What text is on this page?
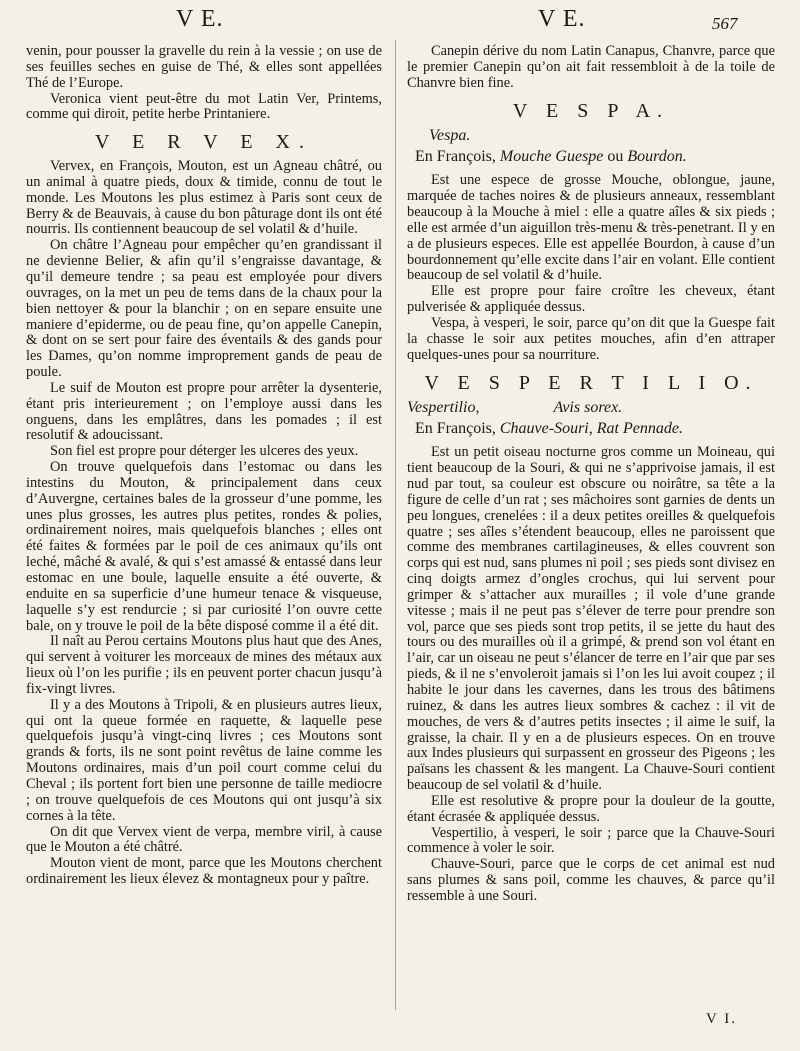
V E.	V E.	567

venin, pour pousser la gravelle du rein à la vessie ; on use de ses feuilles seches en guise de Thé, & elles sont appellées Thé de l’Europe.

Veronica vient peut-être du mot Latin Ver, Printems, comme qui diroit, petite herbe Printaniere.

V E R V E X.

Vervex, en François, Mouton, est un Agneau châtré, ou un animal à quatre pieds, doux & timide, connu de tout le monde. Les Moutons les plus estimez à Paris sont ceux de Berry & de Beauvais, à cause du bon pâturage dont ils ont été nourris. Ils contiennent beaucoup de sel volatil & d’huile.

On châtre l’Agneau pour empêcher qu’en grandissant il ne devienne Belier, & afin qu’il s’engraisse davantage, & qu’il demeure tendre ; sa peau est employée pour divers ouvrages, on la met un peu de tems dans de la chaux pour la bien nettoyer & pour la blanchir ; on en separe ensuite une maniere d’epiderme, ou de peau fine, qu’on appelle Canepin, & dont on se sert pour faire des éventails & des gands pour les Dames, qu’on nomme improprement gands de peau de poule.

Le suif de Mouton est propre pour arrêter la dysenterie, étant pris interieurement ; on l’employe aussi dans les onguens, dans les emplâtres, dans les pomades ; il est resolutif & adoucissant.

Son fiel est propre pour déterger les ulceres des yeux.

On trouve quelquefois dans l’estomac ou dans les intestins du Mouton, & principalement dans ceux d’Auvergne, certaines bales de la grosseur d’une pomme, les unes plus grosses, les autres plus petites, rondes & polies, ordinairement noires, mais quelquefois blanches ; elles ont été faites & formées par le poil de ces animaux qu’ils ont leché, mâché & avalé, & qui s’est amassé & entassé dans leur estomac en une boule, laquelle ensuite a été ouverte, & enduite en sa superficie d’une humeur tenace & visqueuse, laquelle s’y est rendurcie ; si par curiosité l’on ouvre cette bale, on y trouve le poil de la bête disposé comme il a été dit.

Il naît au Perou certains Moutons plus haut que des Anes, qui servent à voiturer les morceaux de mines des métaux aux lieux où l’on les purifie ; ils en peuvent porter chacun jusqu’à fix-vingt livres.

Il y a des Moutons à Tripoli, & en plusieurs autres lieux, qui ont la queue formée en raquette, & laquelle pese quelquefois jusqu’à vingt-cinq livres ; ces Moutons sont grands & forts, ils ne sont point revêtus de laine comme les Moutons ordinaires, mais d’un poil court comme celui du Cheval ; ils portent fort bien une personne de taille mediocre ; on trouve quelquefois de ces Moutons qui ont jusqu’à six cornes à la tête.

On dit que Vervex vient de verpa, membre viril, à cause que le Mouton a été châtré.

Mouton vient de mont, parce que les Moutons cherchent ordinairement les lieux élevez & montagneux pour y paître.

Canepin dérive du nom Latin Canapus, Chanvre, parce que le premier Canepin qu’on ait fait ressembloit à de la toile de Chanvre bien fine.

V E S P A.
Vespa.
En François, Mouche Guespe ou Bourdon.

Est une espece de grosse Mouche, oblongue, jaune, marquée de taches noires & de plusieurs anneaux, ressemblant beaucoup à la Mouche à miel : elle a quatre aîles & six pieds ; elle est armée d’un aiguillon très-menu & très-penetrant. Il y en a de plusieurs especes. Elle est appellée Bourdon, à cause d’un bourdonnement qu’elle excite dans l’air en volant. Elle contient beaucoup de sel volatil & d’huile.

Elle est propre pour faire croître les cheveux, étant pulverisée & appliquée dessus.

Vespa, à vesperi, le soir, parce qu’on dit que la Guespe fait la chasse le soir aux petites mouches, afin d’en attraper quelques-unes pour sa nourriture.

V E S P E R T I L I O.
Vespertilio,	Avis sorex.
En François, Chauve-Souri, Rat Pennade.

Est un petit oiseau nocturne gros comme un Moineau, qui tient beaucoup de la Souri, & qui ne s’apprivoise jamais, il est nud par tout, sa couleur est obscure ou noirâtre, sa tête a la figure de celle d’un rat ; ses mâchoires sont garnies de dents un peu longues, crenelées : il a deux petites oreilles & quelquefois quatre ; ses aîles s’étendent beaucoup, elles ne paroissent que comme des membranes cartilagineuses, & elles couvrent son corps qui est nud, sans plumes ni poil ; ses pieds sont divisez en cinq doigts armez d’ongles crochus, qui lui servent pour grimper & s’attacher aux murailles ; il vole d’une grande vitesse ; mais il ne peut pas s’élever de terre pour prendre son vol, parce que ses pieds sont trop petits, il se jette du haut des tours ou des murailles où il a grimpé, & prend son vol étant en l’air, car un oiseau ne peut s’élancer de terre en l’air que par ses pieds, & il ne s’envoleroit jamais si l’on les lui avoit coupez ; il habite le jour dans les cavernes, dans les trous des bâtimens ruinez, & dans les autres lieux sombres & cachez : il vit de mouches, de vers & d’autres petits insectes ; il aime le suif, la graisse, la chair. Il y en a de plusieurs especes. On en trouve aux Indes plusieurs qui surpassent en grosseur des Pigeons ; les païsans les chassent & les mangent. La Chauve-Souri contient beaucoup de sel volatil & d’huile.

Elle est resolutive & propre pour la douleur de la goutte, étant écrasée & appliquée dessus.

Vespertilio, à vesperi, le soir ; parce que la Chauve-Souri commence à voler le soir.

Chauve-Souri, parce que le corps de cet animal est nud sans plumes & sans poil, comme les chauves, & parce qu’il ressemble à une Souri.

V I.
